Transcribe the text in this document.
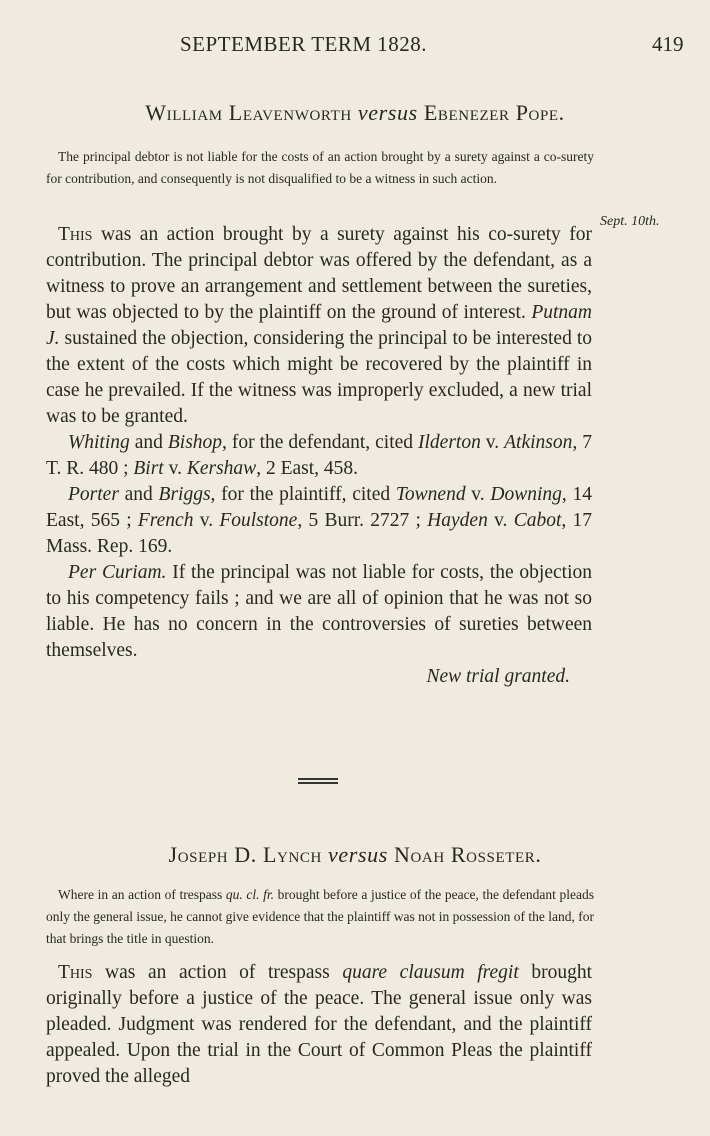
SEPTEMBER TERM 1828.	419
William Leavenworth versus Ebenezer Pope.
The principal debtor is not liable for the costs of an action brought by a surety against a co-surety for contribution, and consequently is not disqualified to be a witness in such action.
Sept. 10th.

This was an action brought by a surety against his co-surety for contribution. The principal debtor was offered by the defendant, as a witness to prove an arrangement and settlement between the sureties, but was objected to by the plaintiff on the ground of interest. Putnam J. sustained the objection, considering the principal to be interested to the extent of the costs which might be recovered by the plaintiff in case he prevailed. If the witness was improperly excluded, a new trial was to be granted.

Whiting and Bishop, for the defendant, cited Ilderton v. Atkinson, 7 T. R. 480 ; Birt v. Kershaw, 2 East, 458.

Porter and Briggs, for the plaintiff, cited Townend v. Downing, 14 East, 565 ; French v. Foulstone, 5 Burr. 2727 ; Hayden v. Cabot, 17 Mass. Rep. 169.

Per Curiam. If the principal was not liable for costs, the objection to his competency fails ; and we are all of opinion that he was not so liable. He has no concern in the controversies of sureties between themselves.

New trial granted.

Joseph D. Lynch versus Noah Rosseter.
Where in an action of trespass qu. cl. fr. brought before a justice of the peace, the defendant pleads only the general issue, he cannot give evidence that the plaintiff was not in possession of the land, for that brings the title in question.

This was an action of trespass quare clausum fregit brought originally before a justice of the peace. The general issue only was pleaded. Judgment was rendered for the defendant, and the plaintiff appealed. Upon the trial in the Court of Common Pleas the plaintiff proved the alleged
